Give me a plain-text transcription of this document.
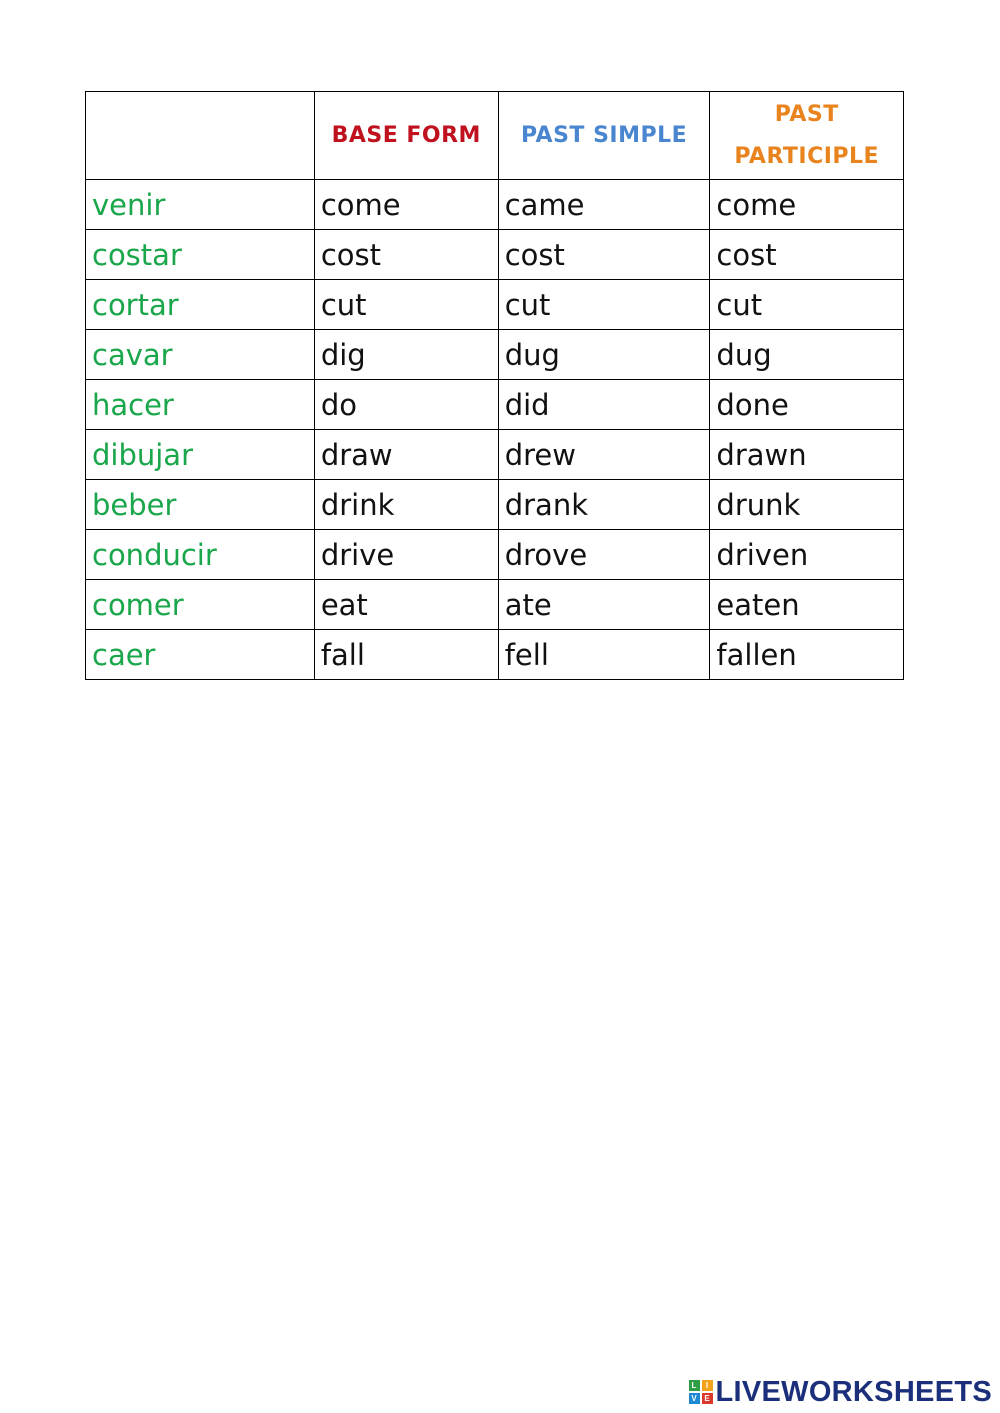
	BASE FORM	PAST SIMPLE	PAST
PARTICIPLE

venir	come	came	come
costar	cost	cost	cost
cortar	cut	cut	cut
cavar	dig	dug	dug
hacer	do	did	done
dibujar	draw	drew	drawn
beber	drink	drank	drunk
conducir	drive	drove	driven
comer	eat	ate	eaten
caer	fall	fell	fallen
L	I
V E LIVEWORKSHEETS
